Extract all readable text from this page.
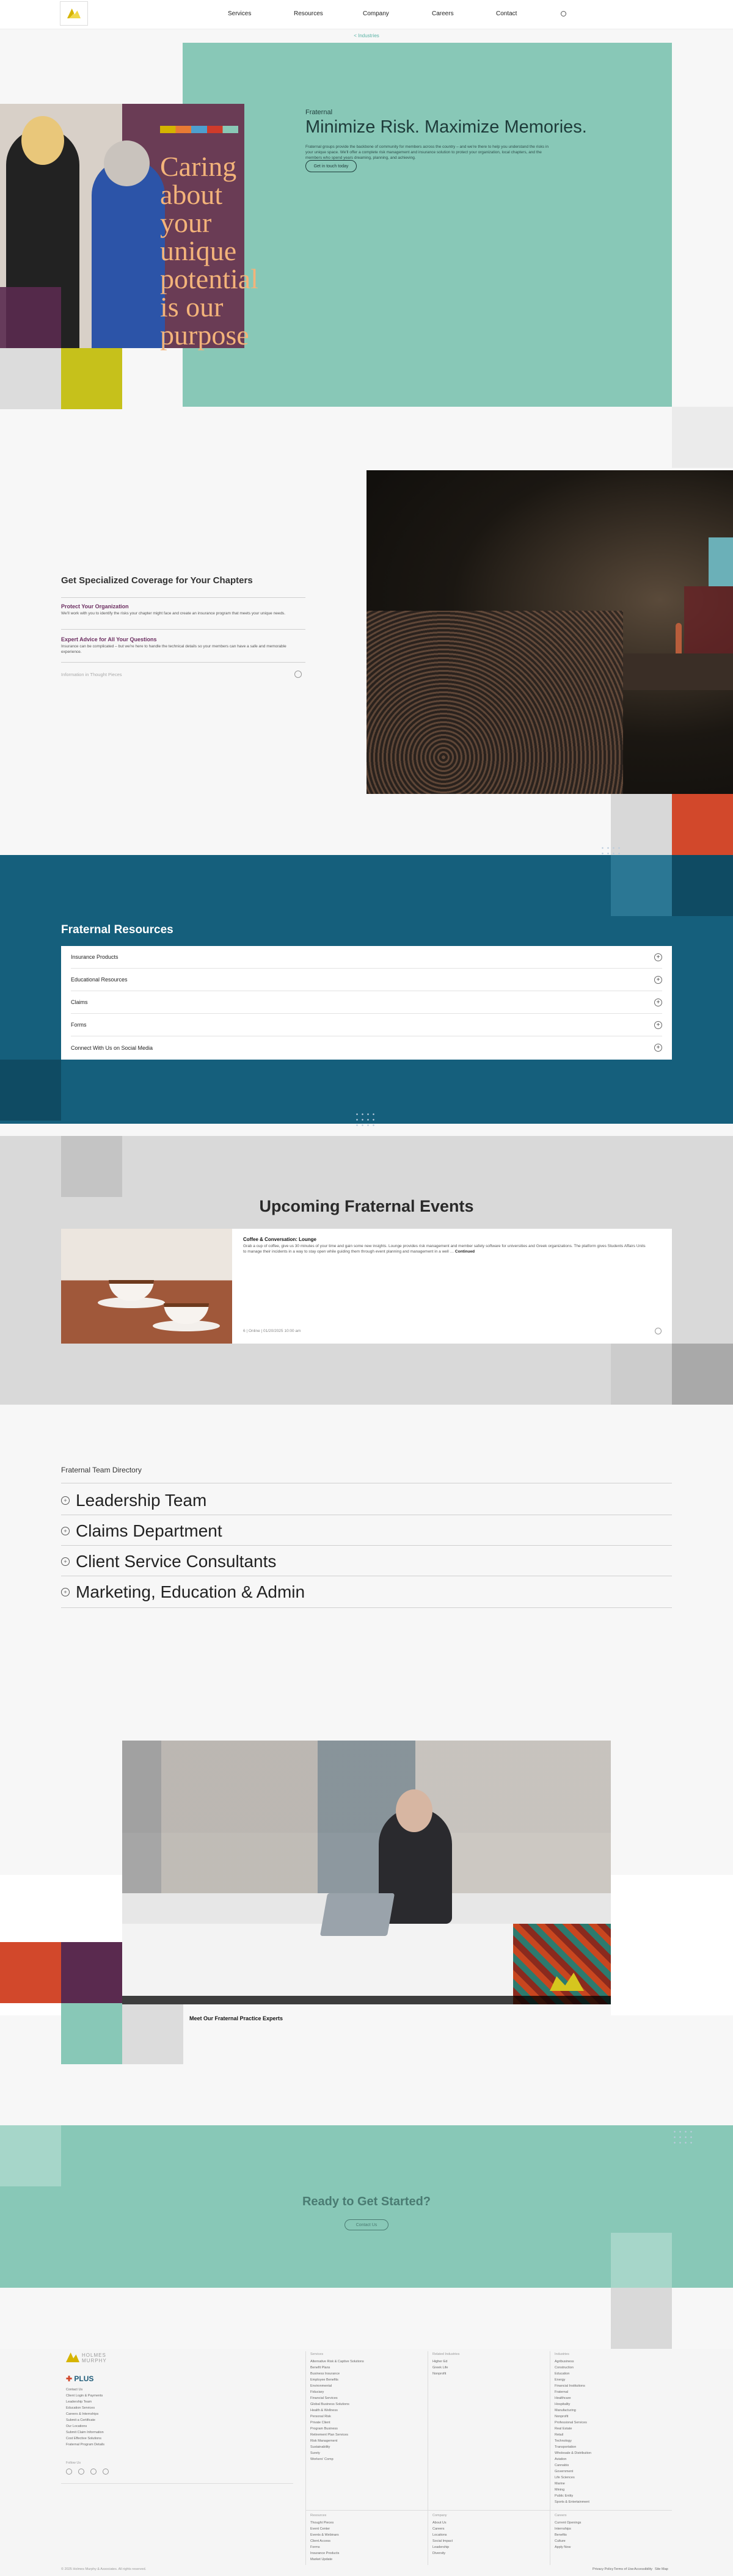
Services	Resources	Company	Careers	Contact
< Industries
Caring about your unique potential is our purpose
Fraternal
Minimize Risk. Maximize Memories.

Fraternal groups provide the backbone of community for members across the country – and we're there to help you understand the risks in your unique space. We'll offer a complete risk management and insurance solution to protect your organization, local chapters, and the members who spend years dreaming, planning, and achieving.

Get in touch today
Get Specialized Coverage for Your Chapters
Protect Your Organization
We'll work with you to identify the risks your chapter might face and create an insurance program that meets your unique needs.
Expert Advice for All Your Questions
Insurance can be complicated – but we're here to handle the technical details so your members can have a safe and memorable experience.
Information in Thought Pieces
Fraternal Resources
Insurance Products	+
Educational Resources	+
Claims	+
Forms	+
Connect With Us on Social Media	+
Upcoming Fraternal Events
Coffee & Conversation: Lounge
Grab a cup of coffee, give us 30 minutes of your time and gain some new insights. Lounge provides risk management and member safety software for universities and Greek organizations. The platform gives Students Affairs Units to manage their incidents in a way to stay open while guiding them through event planning and management in a well … Continued
6 | Online | 01/20/2025 10:00 am
Fraternal Team Directory
+ Leadership Team
+ Claims Department
+ Client Service Consultants
+ Marketing, Education & Admin
Meet Our Fraternal Practice Experts
Ready to Get Started?
Contact Us
HOLMES
MURPHY
✚ PLUS
Contact Us
Client Login & Payments
Leadership Team
Education Services
Careers & Internships
Submit a Certificate
Our Locations
Submit Claim Information
Cost Effective Solutions
Fraternal Program Details
Follow Us
Services
Alternative Risk & Captive Solutions
Benefit Plans
Business Insurance
Employee Benefits
Environmental
Fiduciary
Financial Services
Global Business Solutions
Health & Wellness
Personal Risk
Private Client
Program Business
Retirement Plan Services
Risk Management
Sustainability
Surety
Workers' Comp
Related Industries
Higher Ed
Greek Life
Nonprofit
Industries
Agribusiness
Construction
Education
Energy
Financial Institutions
Fraternal
Healthcare
Hospitality
Manufacturing
Nonprofit
Professional Services
Real Estate
Retail
Technology
Transportation
Wholesale & Distribution
Aviation
Cannabis
Government
Life Sciences
Marine
Mining
Public Entity
Sports & Entertainment
Resources
Thought Pieces
Event Center
Events & Webinars
Client Access
Forms
Insurance Products
Market Update
Company
About Us
Careers
Locations
Social Impact
Leadership
Diversity
Careers
Current Openings
Internships
Benefits
Culture
Apply Now
© 2025 Holmes Murphy & Associates. All rights reserved.	Privacy Policy Terms of Use Accessibility Site Map
